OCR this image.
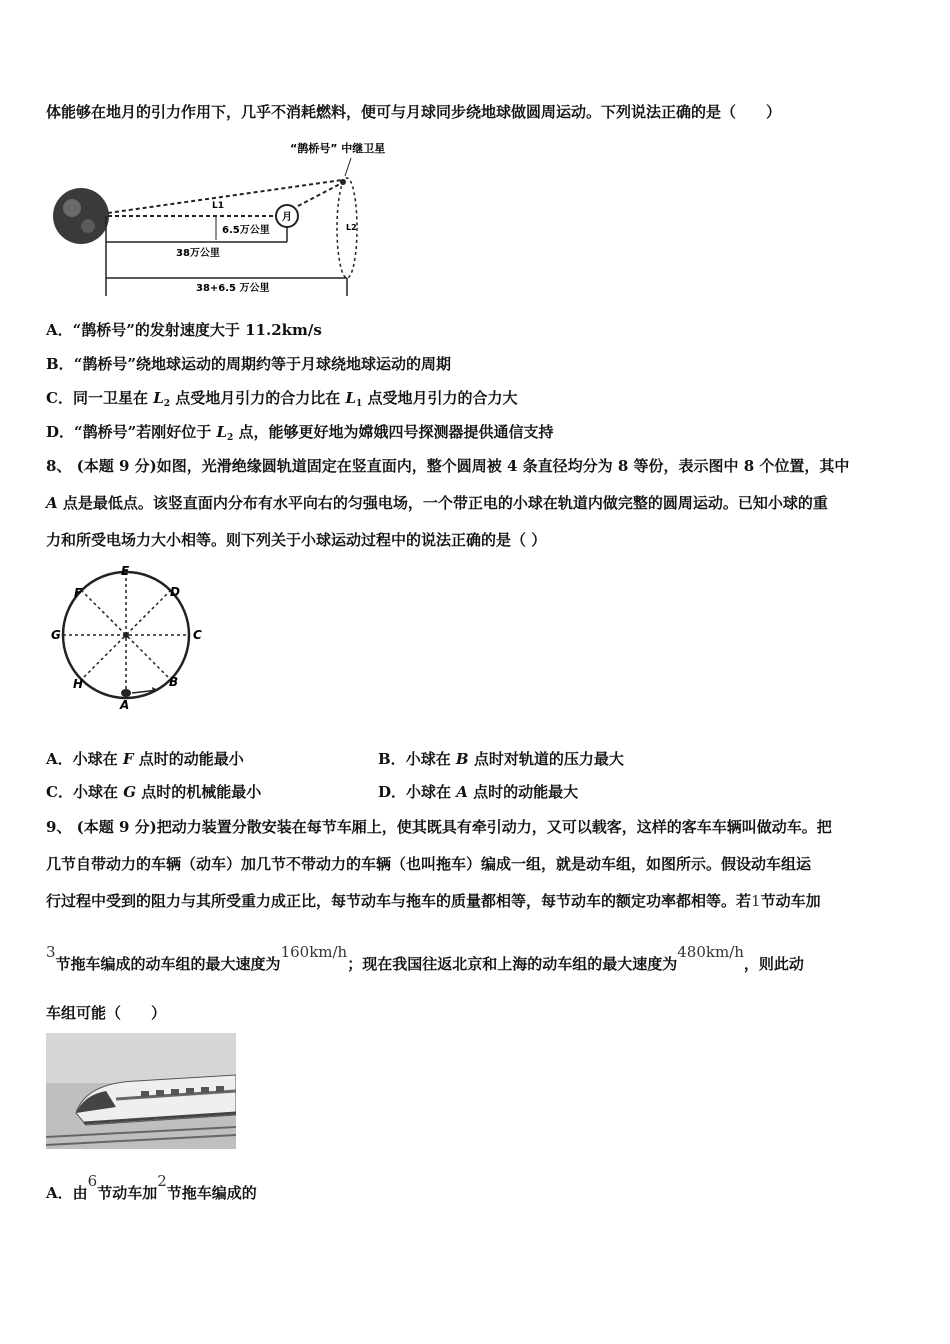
体能够在地月的引力作用下，几乎不消耗燃料，便可与月球同步绕地球做圆周运动。下列说法正确的是（　　）
月
“鹊桥号” 中继卫星
L1
L2
6.5万公里
38万公里
38+6.5 万公里
A．“鹊桥号”的发射速度大于 11.2km/s
B．“鹊桥号”绕地球运动的周期约等于月球绕地球运动的周期
C．同一卫星在 $L_2$ 点受地月引力的合力比在 $L_1$ 点受地月引力的合力大
D．“鹊桥号”若刚好位于 $L_2$ 点，能够更好地为嫦娥四号探测器提供通信支持
8、 (本题 9 分)如图，光滑绝缘圆轨道固定在竖直面内，整个圆周被 4 条直径均分为 8 等份，表示图中 8 个位置，其中
A 点是最低点。该竖直面内分布有水平向右的匀强电场，一个带正电的小球在轨道内做完整的圆周运动。已知小球的重
力和所受电场力大小相等。则下列关于小球运动过程中的说法正确的是（ ）
E
D
F
G	C
H	B
A
A．小球在 F 点时的动能最小	B．小球在 B 点时对轨道的压力最大
C．小球在 G 点时的机械能最小	D．小球在 A 点时的动能最大
9、 (本题 9 分)把动力装置分散安装在每节车厢上，使其既具有牵引动力，又可以载客，这样的客车车辆叫做动车。把
几节自带动力的车辆（动车）加几节不带动力的车辆（也叫拖车）编成一组，就是动车组，如图所示。假设动车组运
行过程中受到的阻力与其所受重力成正比，每节动车与拖车的质量都相等，每节动车的额定功率都相等。若1节动车加
3节拖车编成的动车组的最大速度为160km/h；现在我国往返北京和上海的动车组的最大速度为480km/h，则此动
车组可能（　　）
A．由6节动车加2节拖车编成的
